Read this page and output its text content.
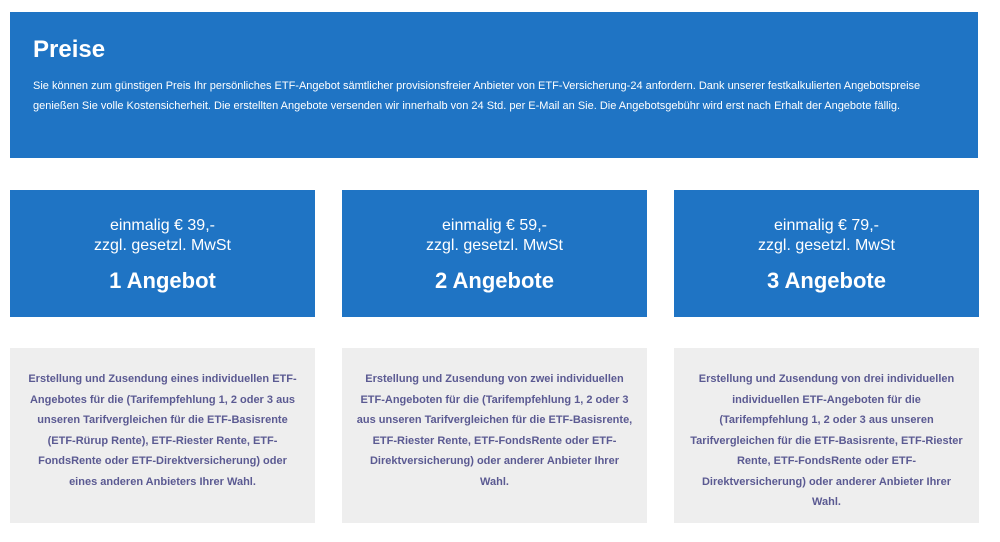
Preise

Sie können zum günstigen Preis Ihr persönliches ETF-Angebot sämtlicher provisionsfreier Anbieter von ETF-Versicherung-24 anfordern. Dank unserer festkalkulierten Angebotspreise genießen Sie volle Kostensicherheit. Die erstellten Angebote versenden wir innerhalb von 24 Std. per E-Mail an Sie. Die Angebotsgebühr wird erst nach Erhalt der Angebote fällig.

einmalig € 39,-
zzgl. gesetzl. MwSt
1 Angebot
einmalig € 59,-
zzgl. gesetzl. MwSt
2 Angebote
einmalig € 79,-
zzgl. gesetzl. MwSt
3 Angebote
Erstellung und Zusendung eines individuellen ETF-Angebotes für die (Tarifempfehlung 1, 2 oder 3 aus unseren Tarifvergleichen für die ETF-Basisrente (ETF-Rürup Rente), ETF-Riester Rente, ETF-FondsRente oder ETF-Direktversicherung) oder eines anderen Anbieters Ihrer Wahl.
Erstellung und Zusendung von zwei individuellen ETF-Angeboten für die (Tarifempfehlung 1, 2 oder 3 aus unseren Tarifvergleichen für die ETF-Basisrente, ETF-Riester Rente, ETF-FondsRente oder ETF-Direktversicherung) oder anderer Anbieter Ihrer Wahl.
Erstellung und Zusendung von drei individuellen individuellen ETF-Angeboten für die (Tarifempfehlung 1, 2 oder 3 aus unseren Tarifvergleichen für die ETF-Basisrente, ETF-Riester Rente, ETF-FondsRente oder ETF-Direktversicherung) oder anderer Anbieter Ihrer Wahl.
